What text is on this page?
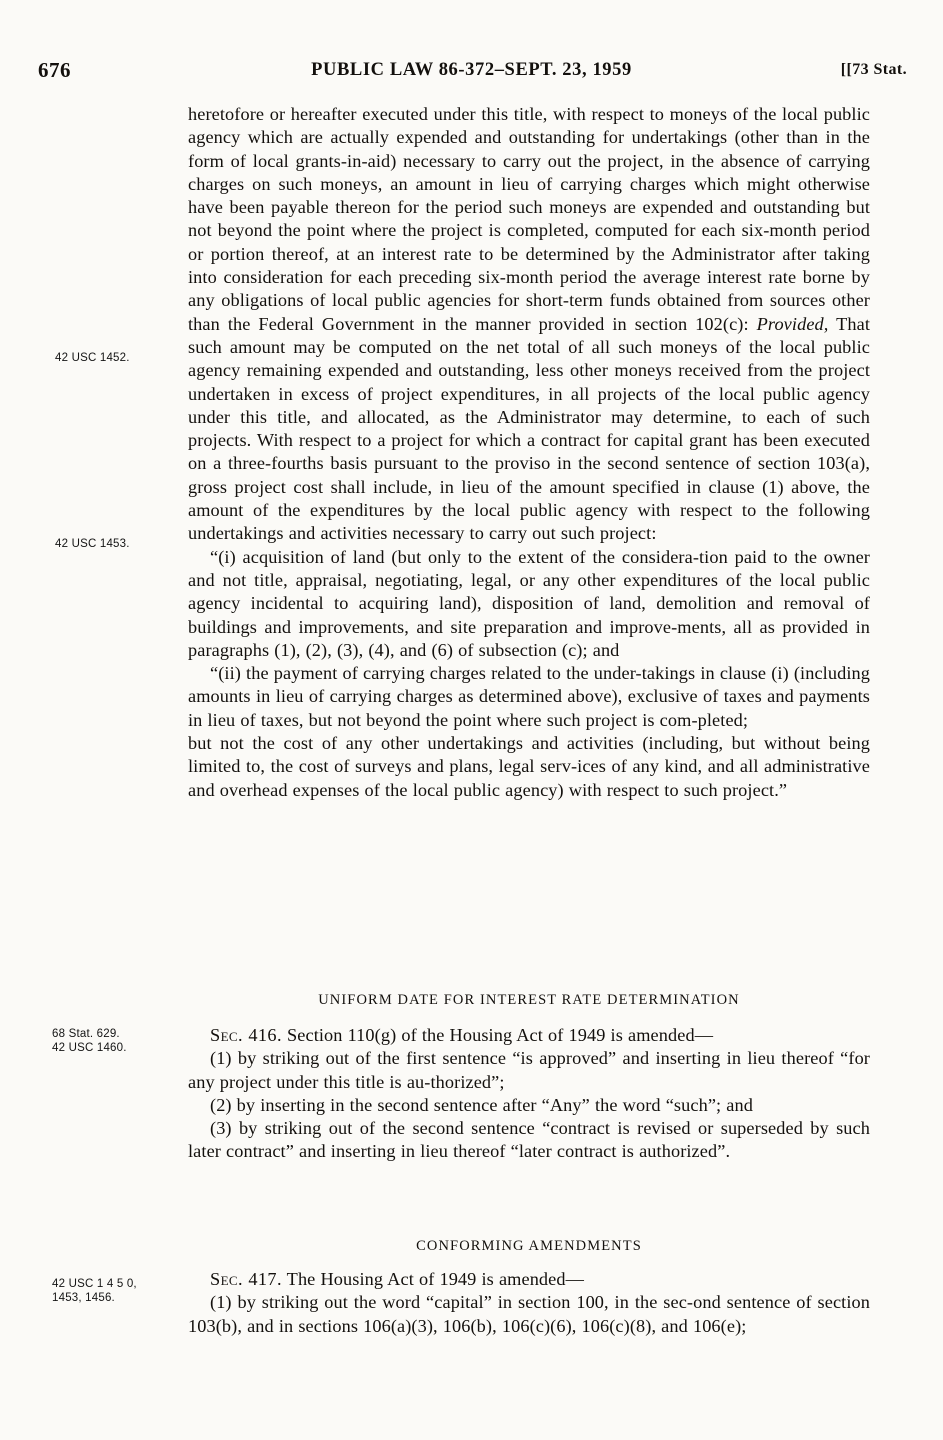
676	PUBLIC LAW 86-372–SEPT. 23, 1959	[[73 Stat.
42 USC 1452.
42 USC 1453.
68 Stat. 629.
42 USC 1460.
42 USC 1 4 5 0,
1453, 1456.

heretofore or hereafter executed under this title, with respect to moneys of the local public agency which are actually expended and outstanding for undertakings (other than in the form of local grants-in-aid) necessary to carry out the project, in the absence of carrying charges on such moneys, an amount in lieu of carrying charges which might otherwise have been payable thereon for the period such moneys are expended and outstanding but not beyond the point where the project is completed, computed for each six-month period or portion thereof, at an interest rate to be determined by the Administrator after taking into consideration for each preceding six-month period the average interest rate borne by any obligations of local public agencies for short-term funds obtained from sources other than the Federal Government in the manner provided in section 102(c): Provided, That such amount may be computed on the net total of all such moneys of the local public agency remaining expended and outstanding, less other moneys received from the project undertaken in excess of project expenditures, in all projects of the local public agency under this title, and allocated, as the Administrator may determine, to each of such projects. With respect to a project for which a contract for capital grant has been executed on a three-fourths basis pursuant to the proviso in the second sentence of section 103(a), gross project cost shall include, in lieu of the amount specified in clause (1) above, the amount of the expenditures by the local public agency with respect to the following undertakings and activities necessary to carry out such project:

“(i) acquisition of land (but only to the extent of the considera-tion paid to the owner and not title, appraisal, negotiating, legal, or any other expenditures of the local public agency incidental to acquiring land), disposition of land, demolition and removal of buildings and improvements, and site preparation and improve-ments, all as provided in paragraphs (1), (2), (3), (4), and (6) of subsection (c); and

“(ii) the payment of carrying charges related to the under-takings in clause (i) (including amounts in lieu of carrying charges as determined above), exclusive of taxes and payments in lieu of taxes, but not beyond the point where such project is com-pleted;

but not the cost of any other undertakings and activities (including, but without being limited to, the cost of surveys and plans, legal serv-ices of any kind, and all administrative and overhead expenses of the local public agency) with respect to such project.”

UNIFORM DATE FOR INTEREST RATE DETERMINATION

Sec. 416. Section 110(g) of the Housing Act of 1949 is amended—

(1) by striking out of the first sentence “is approved” and inserting in lieu thereof “for any project under this title is au-thorized”;

(2) by inserting in the second sentence after “Any” the word “such”; and

(3) by striking out of the second sentence “contract is revised or superseded by such later contract” and inserting in lieu thereof “later contract is authorized”.

CONFORMING AMENDMENTS

Sec. 417. The Housing Act of 1949 is amended—

(1) by striking out the word “capital” in section 100, in the sec-ond sentence of section 103(b), and in sections 106(a)(3), 106(b), 106(c)(6), 106(c)(8), and 106(e);
